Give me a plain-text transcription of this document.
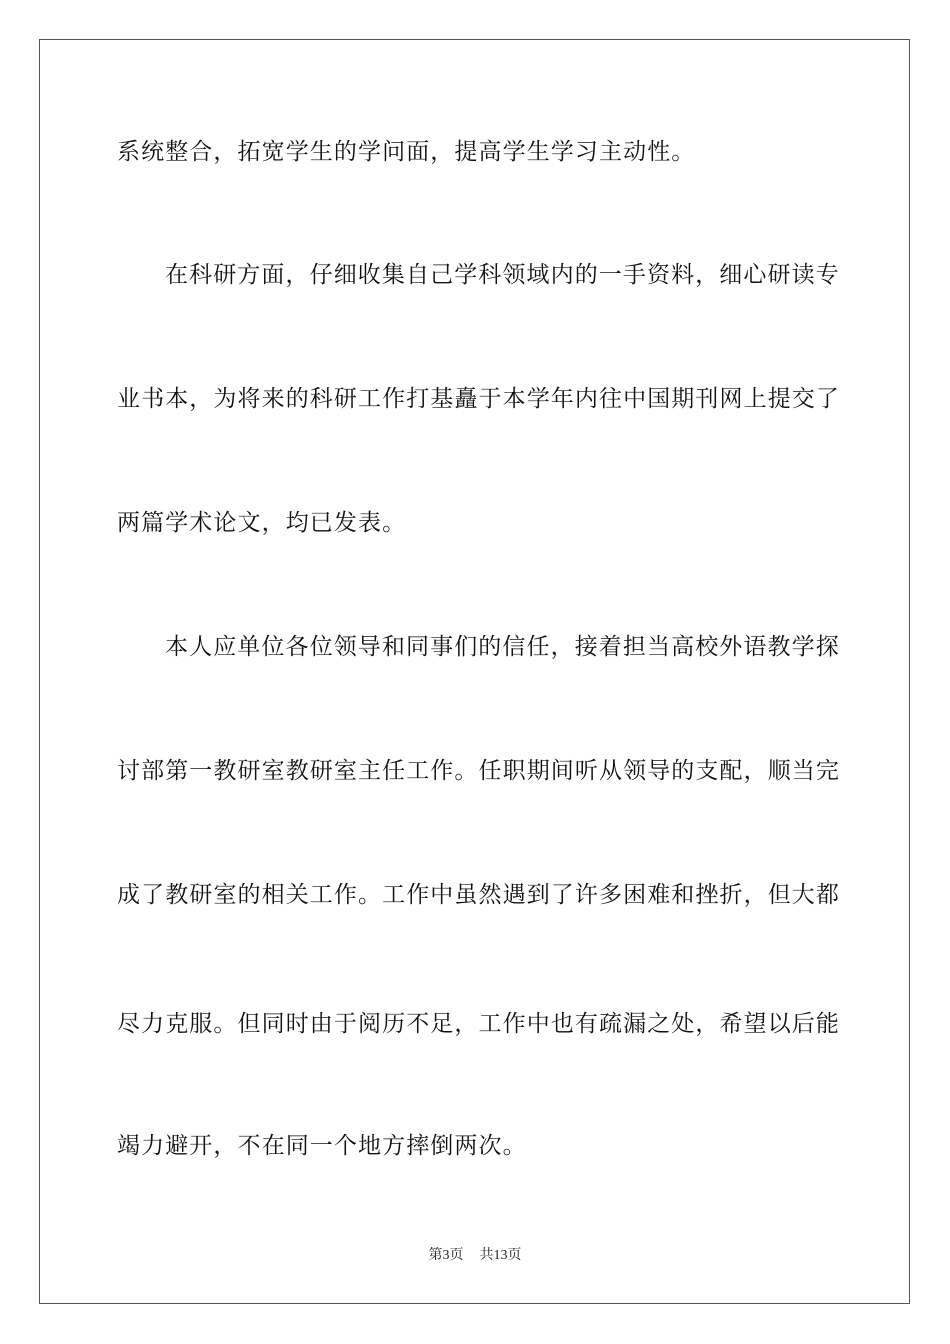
系统整合，拓宽学生的学问面，提高学生学习主动性。
在科研方面，仔细收集自己学科领域内的一手资料，细心研读专
业书本，为将来的科研工作打基矗于本学年内往中国期刊网上提交了
两篇学术论文，均已发表。
本人应单位各位领导和同事们的信任，接着担当高校外语教学探
讨部第一教研室教研室主任工作。任职期间听从领导的支配，顺当完
成了教研室的相关工作。工作中虽然遇到了许多困难和挫折，但大都
尽力克服。但同时由于阅历不足，工作中也有疏漏之处，希望以后能
竭力避开，不在同一个地方摔倒两次。
第3页 共13页
